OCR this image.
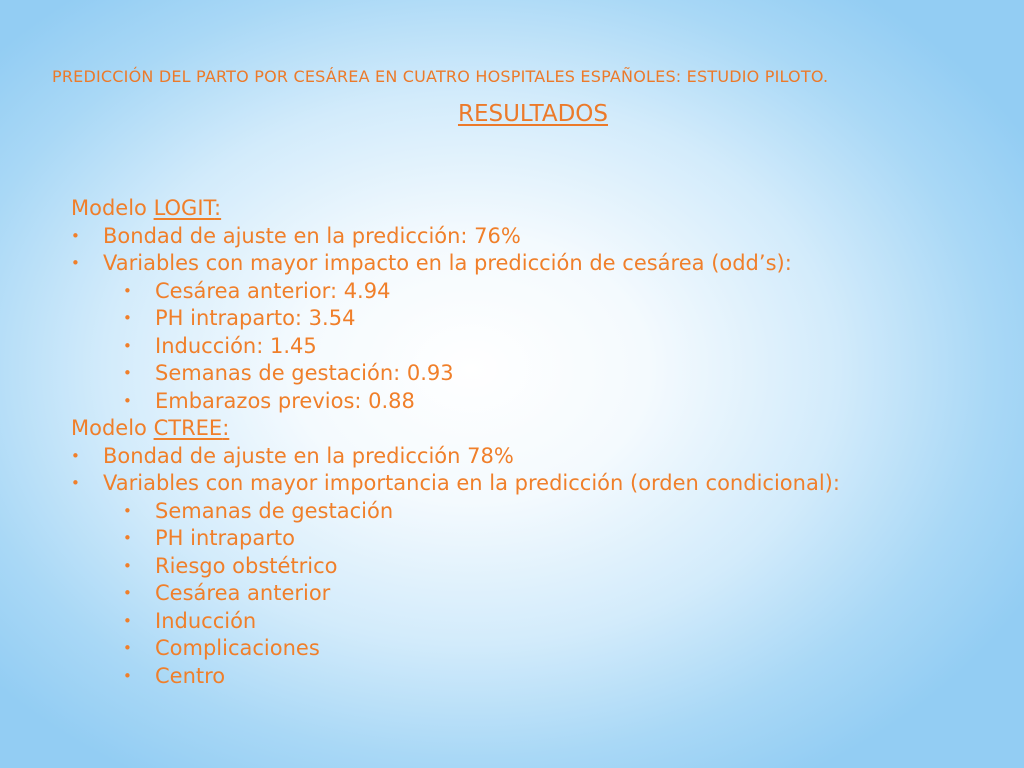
PREDICCIÓN DEL PARTO POR CESÁREA EN CUATRO HOSPITALES ESPAÑOLES: ESTUDIO PILOTO.
RESULTADOS
Modelo LOGIT:
• Bondad de ajuste en la predicción: 76%
• Variables con mayor impacto en la predicción de cesárea (odd’s):
• Cesárea anterior: 4.94
• PH intraparto: 3.54
• Inducción: 1.45
• Semanas de gestación: 0.93
• Embarazos previos: 0.88
Modelo CTREE:
• Bondad de ajuste en la predicción 78%
• Variables con mayor importancia en la predicción (orden condicional):
• Semanas de gestación
• PH intraparto
• Riesgo obstétrico
• Cesárea anterior
• Inducción
• Complicaciones
• Centro
